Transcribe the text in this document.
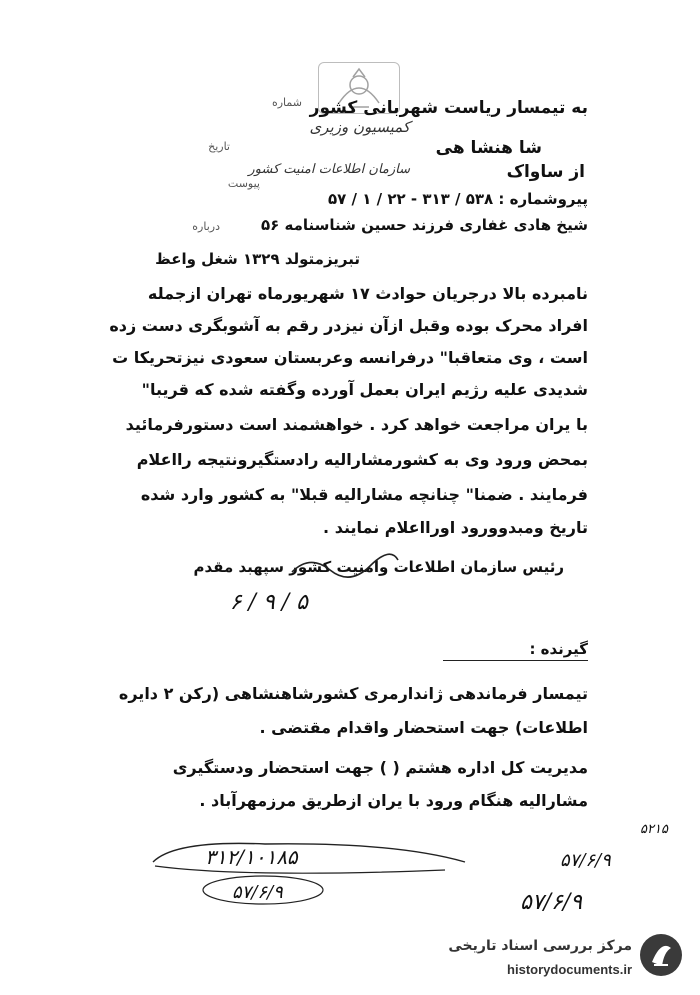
شماره
تاریخ
پیوست
به تیمسار ریاست شهربانی کشور
ش‍‍ا هنش‍‍ا ه‍‍ی
از س‍‍اواک
کمیسیون وزیری
سازمان اطلاعات امنیت کشور
پیروشماره : ۵۳۸ / ۳۱۳ - ۲۲ / ۱ / ۵۷
درباره	شیخ هادی غفاری فرزند حسین شناسنامه ۵۶
تبریزمتولد ۱۳۲۹ شغل واعظ
نامبرده بالا درجریان حوادث ۱۷ شهریورماه تهران ازجمله
افراد محرک بوده وقبل ازآن نیزدر رقم به آشوبگری دست زده
است ، وی متعاقبا" درفرانسه وعربستان سعودی نیزتحریکا ت
شدیدی علیه رژیم ایران بعمل آورده وگفته شده که قریبا"
با یران مراجعت خواهد کرد . خواهشمند است دستورفرمائید
بمحض ورود وی به کشورمشارالیه رادستگیرونتیجه رااعلام
فرمایند . ضمنا" چنانچه مشارالیه قبلا" به کشور وارد شده
تاریخ ومبدوورود اورااعلام نمایند .
رئیس سازمان اطلاعات وامنیت کشور سپهبد مقدم
۶ / ۹ / ۵
گیرنده :
تیمسار فرماندهی ژاندارمری کشورشاهنشاهی (رکن ۲ دایره
اطلاعات) جهت استحضار واقدام مقتضی .
مدیریت کل اداره هشتم ( ) جهت استحضار ودستگیری
مشارالیه هنگام ورود با یران ازطریق مرزمهرآباد .
۵۲۱۵
۳۱۲/۱۰۱۸۵	۵۷/۶/۹
۵۷/۶/۹	۵۷/۶/۹
مرکز بررسی اسناد تاریخی
historydocuments.ir
